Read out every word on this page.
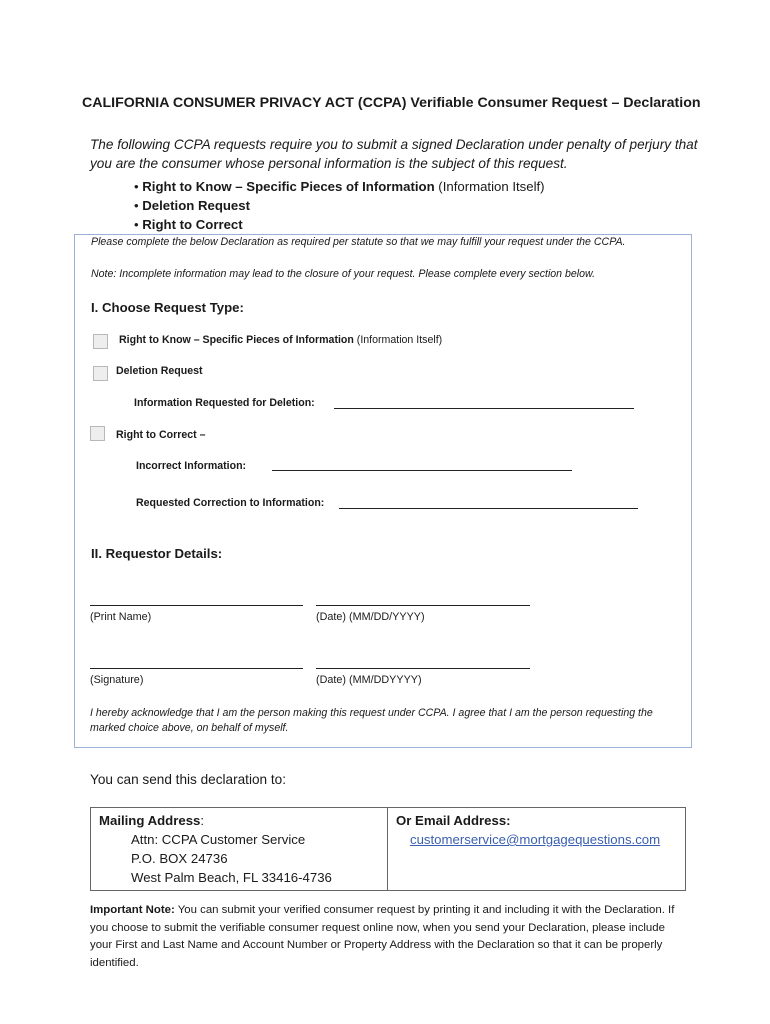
CALIFORNIA CONSUMER PRIVACY ACT (CCPA) Verifiable Consumer Request – Declaration
The following CCPA requests require you to submit a signed Declaration under penalty of perjury that you are the consumer whose personal information is the subject of this request.
• Right to Know – Specific Pieces of Information (Information Itself)
• Deletion Request
• Right to Correct
Please complete the below Declaration as required per statute so that we may fulfill your request under the CCPA.
Note: Incomplete information may lead to the closure of your request. Please complete every section below.
I. Choose Request Type:
Right to Know – Specific Pieces of Information (Information Itself)
Deletion Request
Information Requested for Deletion:
Right to Correct –
Incorrect Information:
Requested Correction to Information:
II. Requestor Details:
(Print Name)	(Date) (MM/DD/YYYY)
(Signature)	(Date) (MM/DDYYYY)
I hereby acknowledge that I am the person making this request under CCPA. I agree that I am the person requesting the marked choice above, on behalf of myself.
You can send this declaration to:
Mailing Address:
Attn: CCPA Customer Service
P.O. BOX 24736
West Palm Beach, FL 33416-4736

Or Email Address:
customerservice@mortgagequestions.com
Important Note: You can submit your verified consumer request by printing it and including it with the Declaration. If you choose to submit the verifiable consumer request online now, when you send your Declaration, please include your First and Last Name and Account Number or Property Address with the Declaration so that it can be properly identified.
